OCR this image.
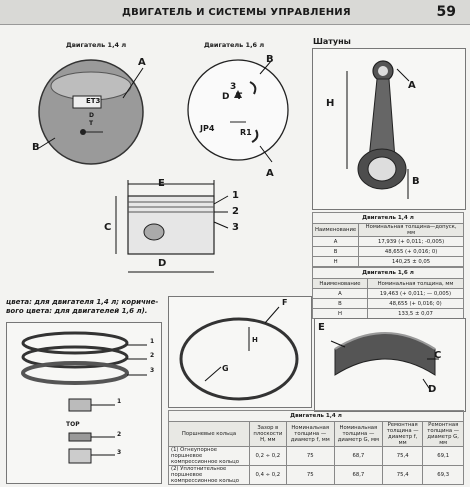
ДВИГАТЕЛЬ И СИСТЕМЫ УПРАВЛЕНИЯ	59
Двигатель 1,4 л
ET3
D
T
A
B
Двигатель 1,6 л
B
A
D T
3
JP4	R1
E
C
D
1
2
3
Шатуны
A
H
B
Двигатель 1,4 л	
Наименование	Номинальная толщина—допуск, мм
A	17,939 (+ 0,011; -0,005)
B	48,655 (+ 0,016; 0)
H	140,25 ± 0,05
Двигатель 1,6 л	
Наименование	Номинальная толщина, мм
A	19,463 (+ 0,011; — 0,005)
B	48,655 (+ 0,016; 0)
H	133,5 ± 0,07
цвета: для двигателя 1,4 л; коричне-
вого цвета: для двигателей 1,6 л).
1
2
3
1
TOP
2
3
F
H
G
E
C
D
Двигатель 1,4 л					
Поршневые кольца	Зазор в плоскости H, мм	Номинальная толщина — диаметр f, мм	Номинальная толщина — диаметр G, мм	Ремонтная толщина — диаметр f, мм	Ремонтная толщина — диаметр G, мм
(1) Огнеупорное поршневое компрессионное кольцо	0,2 ÷ 0,2	75	68,7	75,4	69,1
(2) Уплотнительное поршневое компрессионное кольцо	0,4 ÷ 0,2	75	68,7	75,4	69,3
